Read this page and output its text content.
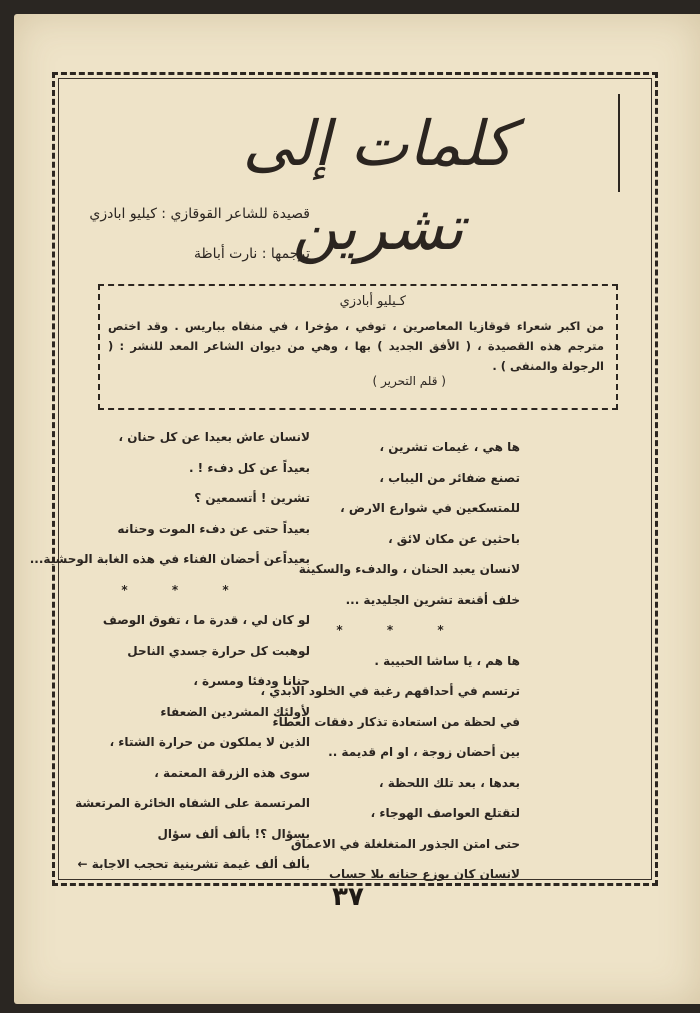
كلمات إلى تشرين
قصيدة للشاعر القوقازي : كيليو ابادزي
ترجمها : نارت أباظة
كـيليو أبادزي
من اكبر شعراء قوقازيا المعاصرين ، توفي ، مؤخرا ، في منفاه بباريس . وقد اختص مترجم هذه القصيدة ، ( الأفق الجديد ) بها ، وهي من ديوان الشاعر المعد للنشر : ( الرجولة والمنفى ) .
( قلم التحرير )
ها هي ، غيمات تشرين ،
تصنع ضفائر من اليباب ،
للمتسكعين في شوارع الارض ،
باحثين عن مكان لائق ،
لانسان يعبد الحنان ، والدفء والسكينة
خلف أقنعة تشرين الجليدية ...
* * *
ها هم ، يا ساشا الحبيبة .
ترتسم في أحداقهم رغبة في الخلود الابدي ،
في لحظة من استعادة تذكار دفقات العطاء
بين أحضان زوجة ، او ام قديمة ..
بعدها ، بعد تلك اللحظة ،
لتقتلع العواصف الهوجاء ،
حتى امتن الجذور المتغلغلة في الاعماق
لانسان كان يوزع حنانه بلا حساب
لانسان عاش بعيدا عن كل حنان ،
بعيداً عن كل دفء ! .
تشرين ! أتسمعين ؟
بعيداً حتى عن دفء الموت وحنانه
بعيداًعن أحضان الفناء في هذه الغابة الوحشية...
* * *
لو كان لي ، قدرة ما ، تفوق الوصف
لوهبت كل حرارة جسدي الناحل
حنانا ودفئا ومسرة ،
لأولئك المشردين الضعفاء
الذين لا يملكون من حرارة الشتاء ،
سوى هذه الزرقة المعتمة ،
المرتسمة على الشفاه الخائرة المرتعشة
بسؤال ؟! بألف ألف سؤال
بألف ألف غيمة تشرينية تحجب الاجابة ←
٣٧
